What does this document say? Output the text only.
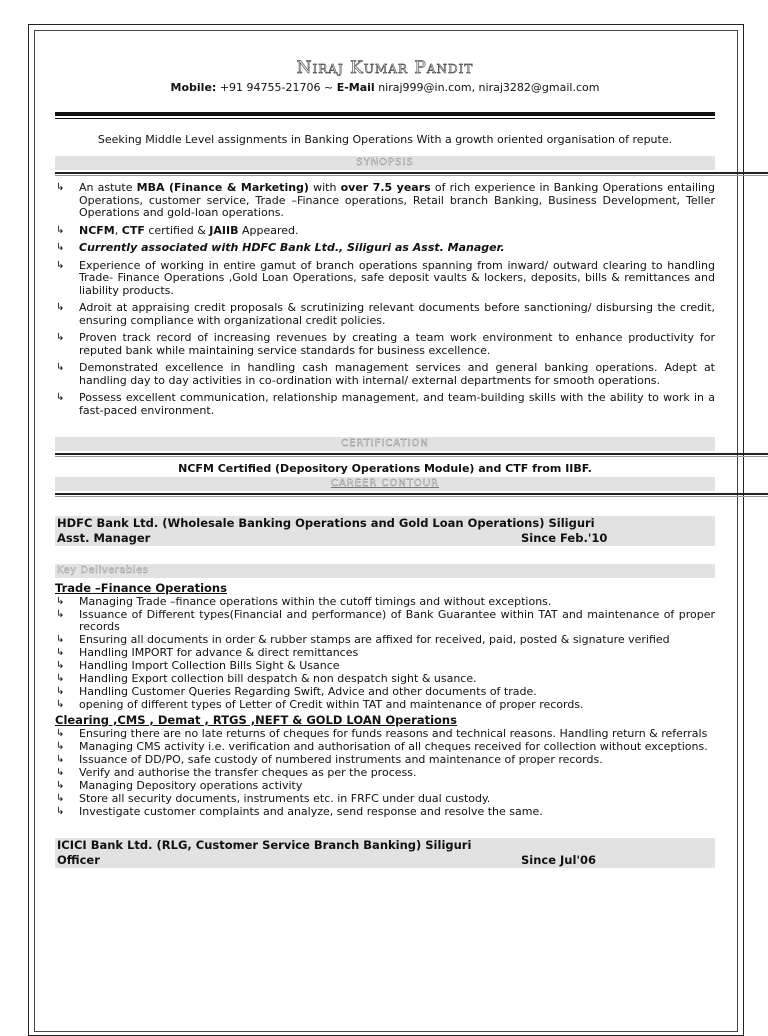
Niraj Kumar Pandit
Mobile: +91 94755-21706 ~ E-Mail niraj999@in.com, niraj3282@gmail.com
Seeking Middle Level assignments in Banking Operations With a growth oriented organisation of repute.
SYNOPSIS
↳ An astute MBA (Finance & Marketing) with over 7.5 years of rich experience in Banking Operations entailing Operations, customer service, Trade –Finance operations, Retail branch Banking, Business Development, Teller Operations and gold-loan operations.
↳ NCFM, CTF certified & JAIIB Appeared.
↳ Currently associated with HDFC Bank Ltd., Siliguri as Asst. Manager.
↳ Experience of working in entire gamut of branch operations spanning from inward/ outward clearing to handling Trade- Finance Operations ,Gold Loan Operations, safe deposit vaults & lockers, deposits, bills & remittances and liability products.
↳ Adroit at appraising credit proposals & scrutinizing relevant documents before sanctioning/ disbursing the credit, ensuring compliance with organizational credit policies.
↳ Proven track record of increasing revenues by creating a team work environment to enhance productivity for reputed bank while maintaining service standards for business excellence.
↳ Demonstrated excellence in handling cash management services and general banking operations. Adept at handling day to day activities in co-ordination with internal/ external departments for smooth operations.
↳ Possess excellent communication, relationship management, and team-building skills with the ability to work in a fast-paced environment.
CERTIFICATION
NCFM Certified (Depository Operations Module) and CTF from IIBF.
CAREER CONTOUR
HDFC Bank Ltd. (Wholesale Banking Operations and Gold Loan Operations) Siliguri
Asst. Manager	Since Feb.'10
Key Deliverables
Trade –Finance Operations
↳ Managing Trade –finance operations within the cutoff timings and without exceptions.
↳ Issuance of Different types(Financial and performance) of Bank Guarantee within TAT and maintenance of proper records
↳ Ensuring all documents in order & rubber stamps are affixed for received, paid, posted & signature verified
↳ Handling IMPORT for advance & direct remittances
↳ Handling Import Collection Bills Sight & Usance
↳ Handling Export collection bill despatch & non despatch sight & usance.
↳ Handling Customer Queries Regarding Swift, Advice and other documents of trade.
↳ opening of different types of Letter of Credit within TAT and maintenance of proper records.
Clearing ,CMS , Demat , RTGS ,NEFT & GOLD LOAN Operations
↳ Ensuring there are no late returns of cheques for funds reasons and technical reasons. Handling return & referrals
↳ Managing CMS activity i.e. verification and authorisation of all cheques received for collection without exceptions.
↳ Issuance of DD/PO, safe custody of numbered instruments and maintenance of proper records.
↳ Verify and authorise the transfer cheques as per the process.
↳ Managing Depository operations activity
↳ Store all security documents, instruments etc. in FRFC under dual custody.
↳ Investigate customer complaints and analyze, send response and resolve the same.
ICICI Bank Ltd. (RLG, Customer Service Branch Banking) Siliguri
Officer	Since Jul'06
